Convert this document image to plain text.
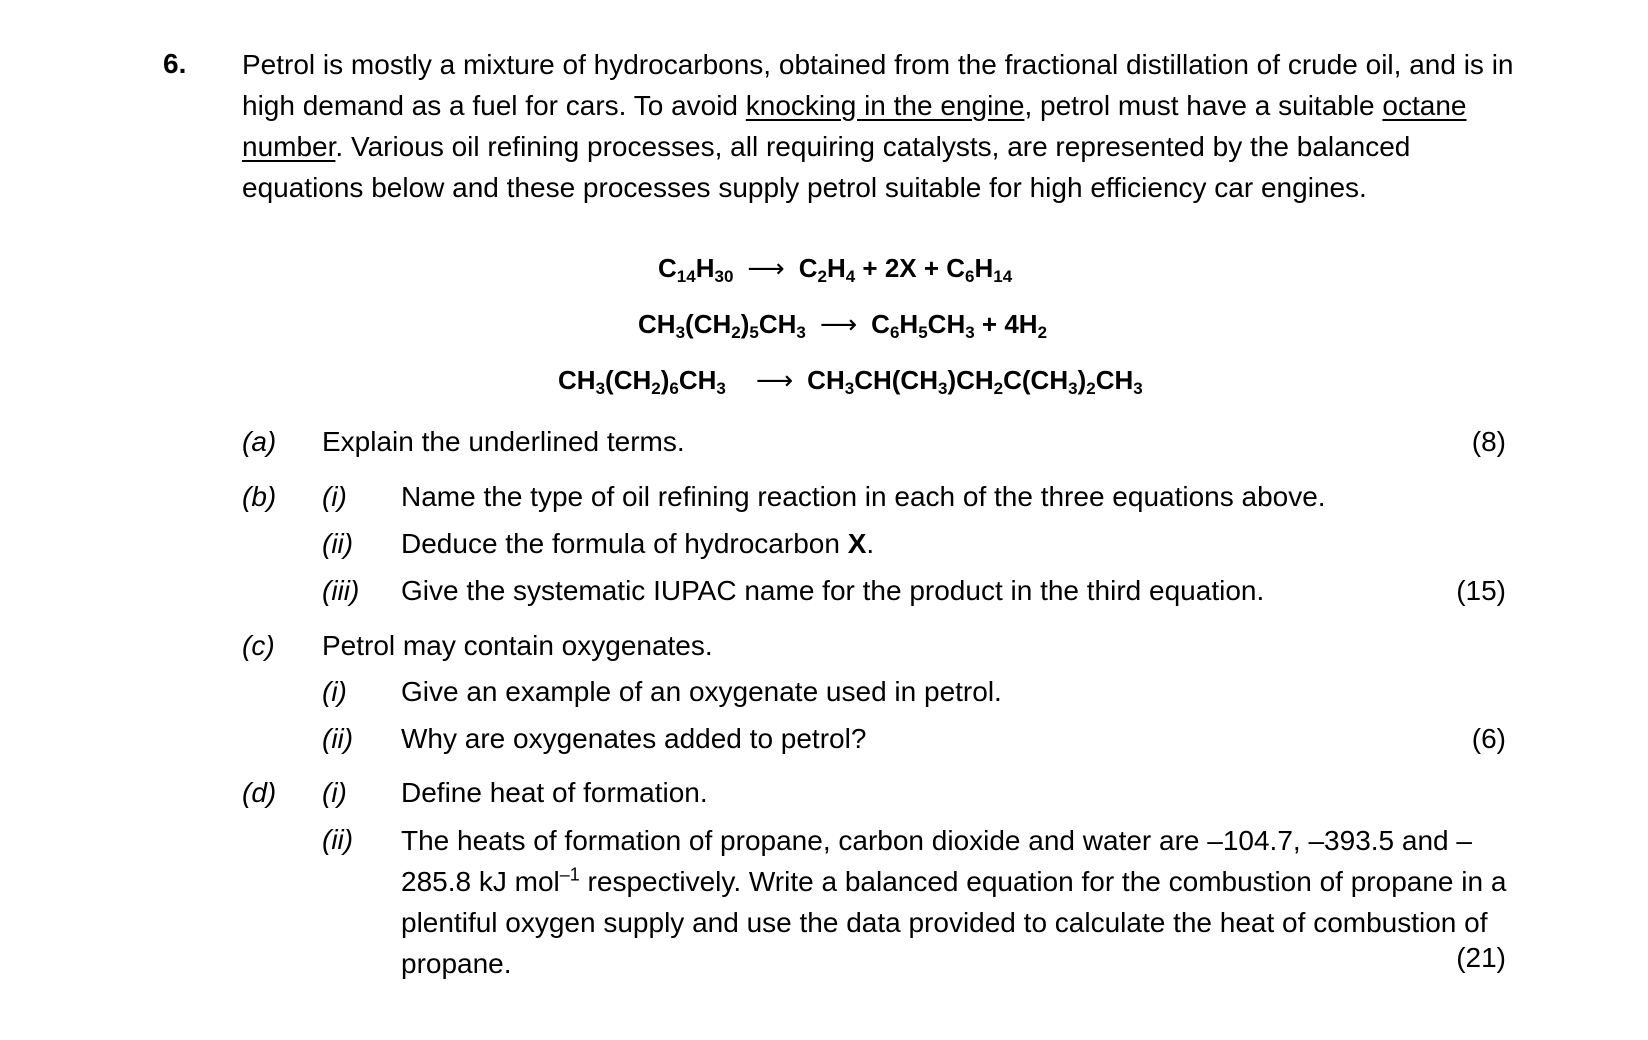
6. Petrol is mostly a mixture of hydrocarbons, obtained from the fractional distillation of crude oil, and is in high demand as a fuel for cars. To avoid knocking in the engine, petrol must have a suitable octane number. Various oil refining processes, all requiring catalysts, are represented by the balanced equations below and these processes supply petrol suitable for high efficiency car engines.
$C_{14}H_{30}$ ⟶ $C_2H_4 + 2X + C_6H_{14}$
$CH_3(CH_2)_5CH_3$ ⟶ $C_6H_5CH_3 + 4H_2$
$CH_3(CH_2)_6CH_3$ ⟶ $CH_3CH(CH_3)CH_2C(CH_3)_2CH_3$
(a) Explain the underlined terms.	(8)
(b) (i) Name the type of oil refining reaction in each of the three equations above.
(ii) Deduce the formula of hydrocarbon X.
(iii) Give the systematic IUPAC name for the product in the third equation.	(15)
(c) Petrol may contain oxygenates.
(i) Give an example of an oxygenate used in petrol.
(ii) Why are oxygenates added to petrol?	(6)
(d) (i) Define heat of formation.
(ii) The heats of formation of propane, carbon dioxide and water are –104.7, –393.5 and –285.8 kJ mol$^{-1}$ respectively. Write a balanced equation for the combustion of propane in a plentiful oxygen supply and use the data provided to calculate the heat of combustion of propane.	(21)
